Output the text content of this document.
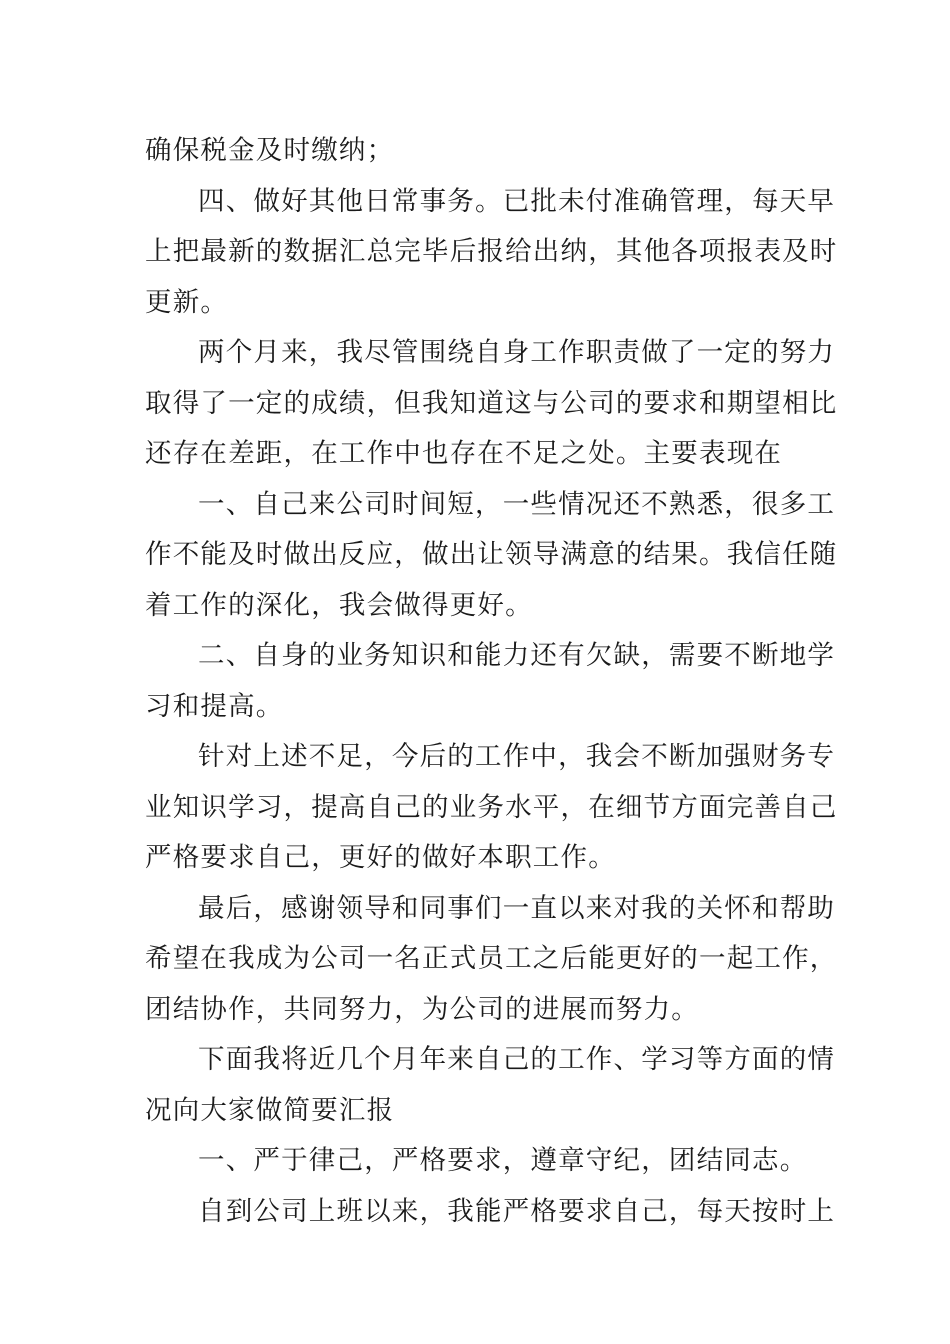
确保税金及时缴纳；
四、做好其他日常事务。已批未付准确管理，每天早
上把最新的数据汇总完毕后报给出纳，其他各项报表及时
更新。
两个月来，我尽管围绕自身工作职责做了一定的努力
取得了一定的成绩，但我知道这与公司的要求和期望相比
还存在差距，在工作中也存在不足之处。主要表现在
一、自己来公司时间短，一些情况还不熟悉，很多工
作不能及时做出反应，做出让领导满意的结果。我信任随
着工作的深化，我会做得更好。
二、自身的业务知识和能力还有欠缺，需要不断地学
习和提高。
针对上述不足，今后的工作中，我会不断加强财务专
业知识学习，提高自己的业务水平，在细节方面完善自己
严格要求自己，更好的做好本职工作。
最后，感谢领导和同事们一直以来对我的关怀和帮助
希望在我成为公司一名正式员工之后能更好的一起工作，
团结协作，共同努力，为公司的进展而努力。
下面我将近几个月年来自己的工作、学习等方面的情
况向大家做简要汇报
一、严于律己，严格要求，遵章守纪，团结同志。
自到公司上班以来，我能严格要求自己，每天按时上
